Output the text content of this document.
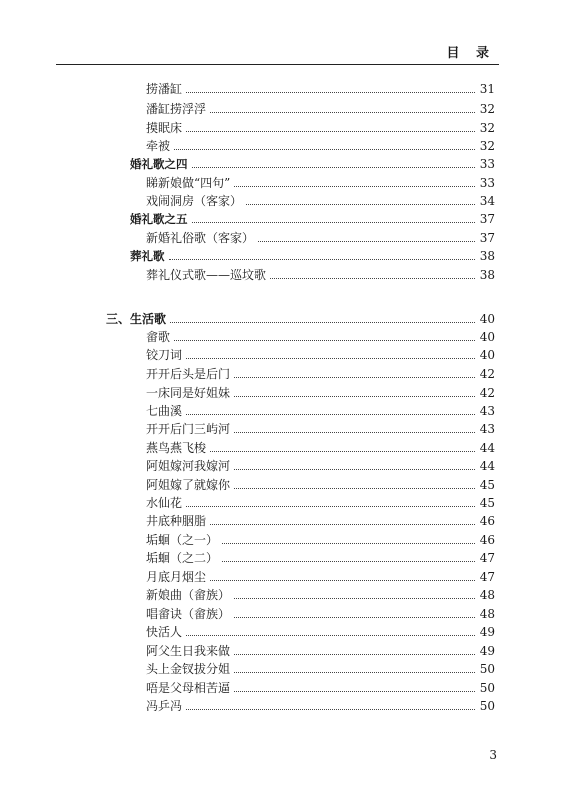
目 录
捞潘缸	31
潘缸捞浮浮	32
摸眠床	32
牵被	32
婚礼歌之四	33
睇新娘做“四句”	33
戏闹洞房（客家）	34
婚礼歌之五	37
新婚礼俗歌（客家）	37
葬礼歌	38
葬礼仪式歌——巡坟歌	38
三、生活歌	40
畲歌	40
铰刀词	40
开开后头是后门	42
一床同是好姐妹	42
七曲溪	43
开开后门三屿河	43
燕鸟燕飞梭	44
阿姐嫁河我嫁河	44
阿姐嫁了就嫁你	45
水仙花	45
井底种胭脂	46
垢蛔（之一）	46
垢蛔（之二）	47
月底月烟尘	47
新娘曲（畲族）	48
唱畲诀（畲族）	48
快活人	49
阿父生日我来做	49
头上金钗拔分姐	50
唔是父母相苦逼	50
冯乒冯	50
3
